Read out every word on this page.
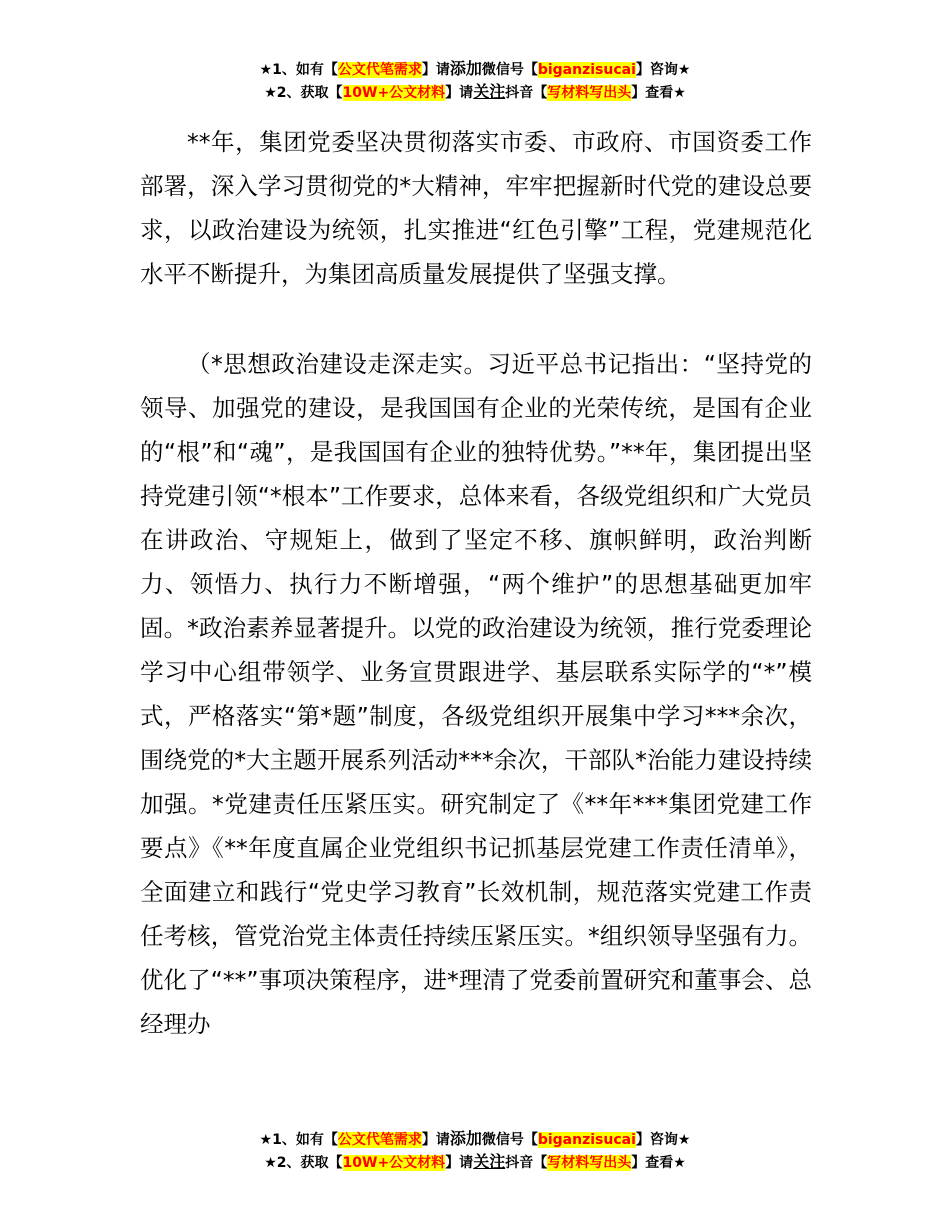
★1、如有【公文代笔需求】请添加微信号【biganzisucai】咨询★
★2、获取【10W+公文材料】请关注抖音【写材料写出头】查看★

**年，集团党委坚决贯彻落实市委、市政府、市国资委工作部署，深入学习贯彻党的*大精神，牢牢把握新时代党的建设总要求，以政治建设为统领，扎实推进“红色引擎”工程，党建规范化水平不断提升，为集团高质量发展提供了坚强支撑。

（*思想政治建设走深走实。习近平总书记指出：“坚持党的领导、加强党的建设，是我国国有企业的光荣传统，是国有企业的“根”和“魂”，是我国国有企业的独特优势。”**年，集团提出坚持党建引领“*根本”工作要求，总体来看，各级党组织和广大党员在讲政治、守规矩上，做到了坚定不移、旗帜鲜明，政治判断力、领悟力、执行力不断增强，“两个维护”的思想基础更加牢固。*政治素养显著提升。以党的政治建设为统领，推行党委理论学习中心组带领学、业务宣贯跟进学、基层联系实际学的“*”模式，严格落实“第*题”制度，各级党组织开展集中学习***余次，围绕党的*大主题开展系列活动***余次，干部队*治能力建设持续加强。*党建责任压紧压实。研究制定了《**年***集团党建工作要点》《**年度直属企业党组织书记抓基层党建工作责任清单》，全面建立和践行“党史学习教育”长效机制，规范落实党建工作责任考核，管党治党主体责任持续压紧压实。*组织领导坚强有力。优化了“**”事项决策程序，进*理清了党委前置研究和董事会、总经理办

★1、如有【公文代笔需求】请添加微信号【biganzisucai】咨询★
★2、获取【10W+公文材料】请关注抖音【写材料写出头】查看★
